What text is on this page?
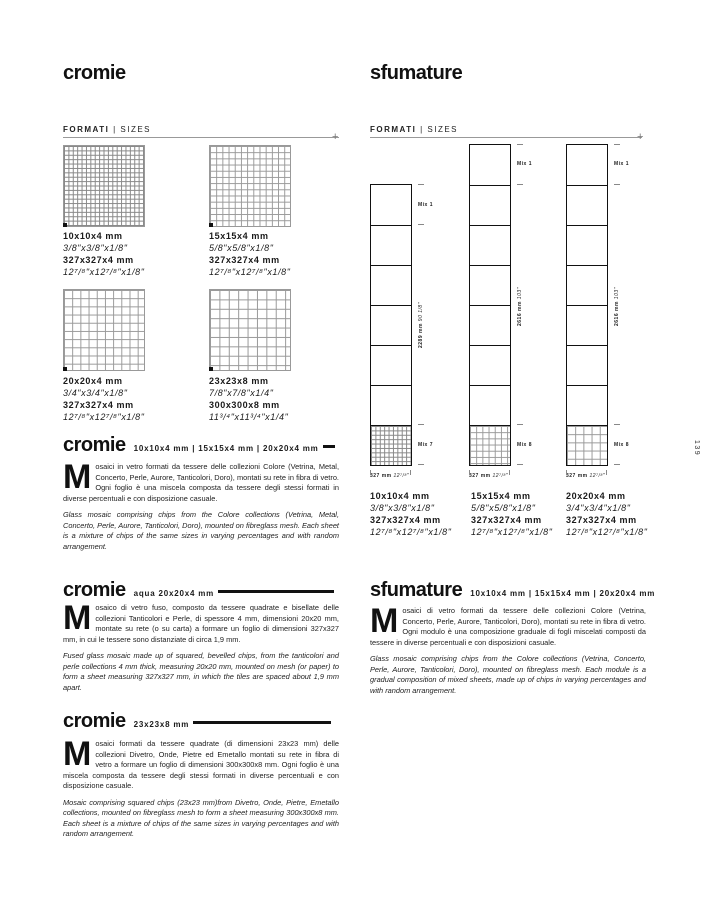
cromie	sfumature
FORMATI | SIZES
+
FORMATI | SIZES
+
10x10x4 mm
3/8"x3/8"x1/8"
327x327x4 mm
12⁷/⁸"x12⁷/⁸"x1/8"
15x15x4 mm
5/8"x5/8"x1/8"
327x327x4 mm
12⁷/⁸"x12⁷/⁸"x1/8"
20x20x4 mm
3/4"x3/4"x1/8"
327x327x4 mm
12⁷/⁸"x12⁷/⁸"x1/8"
23x23x8 mm
7/8"x7/8"x1/4"
300x300x8 mm
11³/⁴"x11³/⁴"x1/4"
cromie 10x10x4 mm | 15x15x4 mm | 20x20x4 mm
Mosaici in vetro formati da tessere delle collezioni Colore (Vetrina, Metal, Concerto, Perle, Aurore, Tanticolori, Doro), montati su rete in fibra di vetro. Ogni foglio è una miscela composta da tessere degli stessi formati in diverse percentuali e con disposizione casuale.
Glass mosaic comprising chips from the Colore collections (Vetrina, Metal, Concerto, Perle, Aurore, Tanticolori, Doro), mounted on fibreglass mesh. Each sheet is a mixture of chips of the same sizes in varying percentages and with random arrangement.
cromie aqua 20x20x4 mm
Mosaico di vetro fuso, composto da tessere quadrate e bisellate delle collezioni Tanticolori e Perle, di spessore 4 mm, dimensioni 20x20 mm, montate su rete (o su carta) a formare un foglio di dimensioni 327x327 mm, in cui le tessere sono distanziate di circa 1,9 mm.
Fused glass mosaic made up of squared, bevelled chips, from the tanticolori and perle collections 4 mm thick, measuring 20x20 mm, mounted on mesh (or paper) to form a sheet measuring 327x327 mm, in which the tiles are spaced about 1,9 mm apart.
cromie 23x23x8 mm
Mosaici formati da tessere quadrate (di dimensioni 23x23 mm) delle collezioni Divetro, Onde, Pietre ed Emetallo montati su rete in fibra di vetro a formare un foglio di dimensioni 300x300x8 mm. Ogni foglio è una miscela composta da tessere degli stessi formati in diverse percentuali e con disposizione casuale.
Mosaic comprising squared chips (23x23 mm)from Divetro, Onde, Pietre, Emetallo collections, mounted on fibreglass mesh to form a sheet measuring 300x300x8 mm. Each sheet is a mixture of chips of the same sizes in varying percentages and with random arrangement.
Mix 1
Mix 7
2289 mm 90 1/8"
327 mm 12⁷/⁸"
Mix 1
Mix 8
2616 mm 103"
327 mm 12⁷/⁸"
Mix 1
Mix 8
2616 mm 103"
327 mm 12⁷/⁸"
10x10x4 mm
3/8"x3/8"x1/8"
327x327x4 mm
12⁷/⁸"x12⁷/⁸"x1/8"
15x15x4 mm
5/8"x5/8"x1/8"
327x327x4 mm
12⁷/⁸"x12⁷/⁸"x1/8"
20x20x4 mm
3/4"x3/4"x1/8"
327x327x4 mm
12⁷/⁸"x12⁷/⁸"x1/8"
sfumature 10x10x4 mm | 15x15x4 mm | 20x20x4 mm
Mosaici di vetro formati da tessere delle collezioni Colore (Vetrina, Concerto, Perle, Aurore, Tanticolori, Doro), montati su rete in fibra di vetro. Ogni modulo è una composizione graduale di fogli miscelati composti da tessere in diverse percentuali e con disposizioni casuale.
Glass mosaic comprising chips from the Colore collections (Vetrina, Concerto, Perle, Aurore, Tanticolori, Doro), mounted on fibreglass mesh. Each module is a gradual composition of mixed sheets, made up of chips in varying percentages and with random arrangement.
139
